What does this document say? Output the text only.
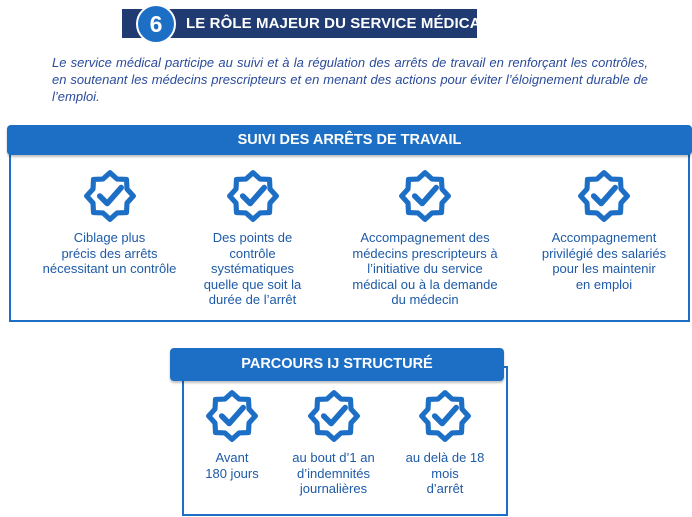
6	LE RÔLE MAJEUR DU SERVICE MÉDICAL

Le service médical participe au suivi et à la régulation des arrêts de travail en renforçant les contrôles, en soutenant les médecins prescripteurs et en menant des actions pour éviter l’éloignement durable de l’emploi.

SUIVI DES ARRÊTS DE TRAVAIL
Ciblage plus
précis des arrêts
nécessitant un contrôle
Des points de
contrôle
systématiques
quelle que soit la
durée de l’arrêt
Accompagnement des
médecins prescripteurs à
l’initiative du service
médical ou à la demande
du médecin
Accompagnement
privilégié des salariés
pour les maintenir
en emploi
PARCOURS IJ STRUCTURÉ
Avant
180 jours
au bout d’1 an
d’indemnités
journalières
au delà de 18
mois
d’arrêt
